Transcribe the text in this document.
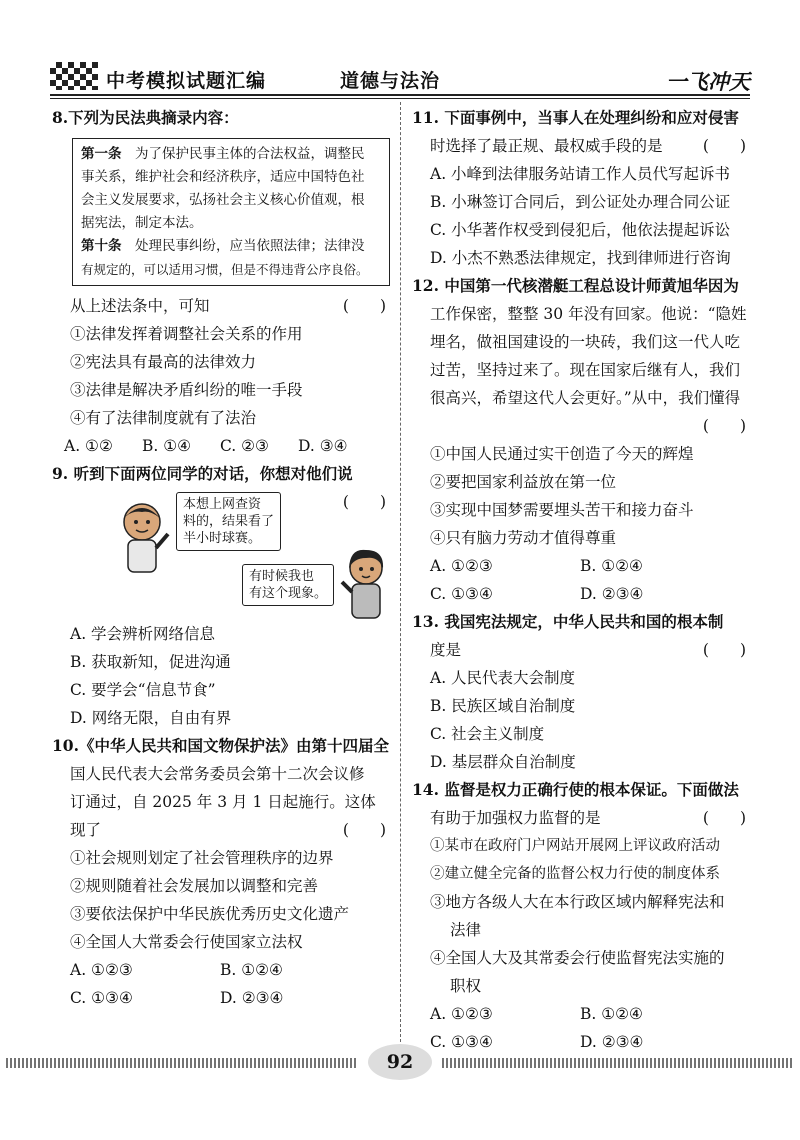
中考模拟试题汇编	道德与法治	一飞冲天
8.下列为民法典摘录内容：
第一条　 为了保护民事主体的合法权益，调整民
事关系，维护社会和经济秩序，适应中国特色社
会主义发展要求，弘扬社会主义核心价值观，根
据宪法，制定本法。
第十条　 处理民事纠纷，应当依照法律；法律没
有规定的，可以适用习惯，但是不得违背公序良俗。
从上述法条中，可知	(　　)
①法律发挥着调整社会关系的作用
②宪法具有最高的法律效力
③法律是解决矛盾纠纷的唯一手段
④有了法律制度就有了法治
A. ①②	B. ①④	C. ②③	D. ③④
9. 听到下面两位同学的对话，你想对他们说
(　　)
本想上网查资
料的，结果看了
半小时球赛。
有时候我也
有这个现象。
A. 学会辨析网络信息
B. 获取新知，促进沟通
C. 要学会“信息节食”
D. 网络无限，自由有界
10.《中华人民共和国文物保护法》由第十四届全
国人民代表大会常务委员会第十二次会议修
订通过，自 2025 年 3 月 1 日起施行。这体
现了	(　　)
①社会规则划定了社会管理秩序的边界
②规则随着社会发展加以调整和完善
③要依法保护中华民族优秀历史文化遗产
④全国人大常委会行使国家立法权
A. ①②③	B. ①②④
C. ①③④	D. ②③④
11. 下面事例中，当事人在处理纠纷和应对侵害
时选择了最正规、最权威手段的是	(　　)
A. 小峰到法律服务站请工作人员代写起诉书
B. 小琳签订合同后，到公证处办理合同公证
C. 小华著作权受到侵犯后，他依法提起诉讼
D. 小杰不熟悉法律规定，找到律师进行咨询
12. 中国第一代核潜艇工程总设计师黄旭华因为
工作保密，整整 30 年没有回家。他说：“隐姓
埋名，做祖国建设的一块砖，我们这一代人吃
过苦，坚持过来了。现在国家后继有人，我们
很高兴，希望这代人会更好。”从中，我们懂得
(　　)
①中国人民通过实干创造了今天的辉煌
②要把国家利益放在第一位
③实现中国梦需要埋头苦干和接力奋斗
④只有脑力劳动才值得尊重
A. ①②③	B. ①②④
C. ①③④	D. ②③④
13. 我国宪法规定，中华人民共和国的根本制
度是	(　　)
A. 人民代表大会制度
B. 民族区域自治制度
C. 社会主义制度
D. 基层群众自治制度
14. 监督是权力正确行使的根本保证。下面做法
有助于加强权力监督的是	(　　)
①某市在政府门户网站开展网上评议政府活动
②建立健全完备的监督公权力行使的制度体系
③地方各级人大在本行政区域内解释宪法和
法律
④全国人大及其常委会行使监督宪法实施的
职权
A. ①②③	B. ①②④
C. ①③④	D. ②③④
92
